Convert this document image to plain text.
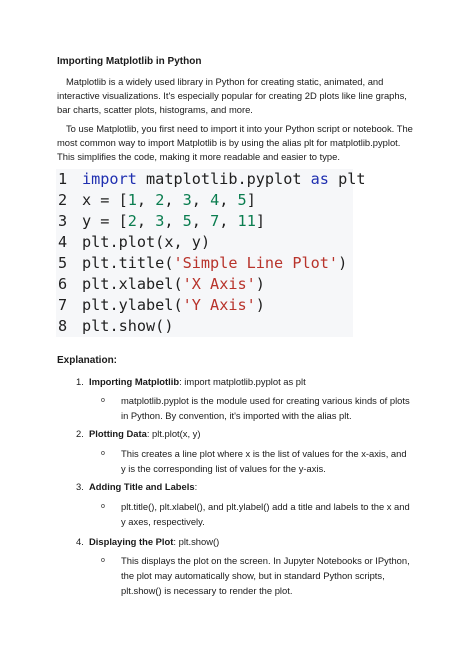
Importing Matplotlib in Python

Matplotlib is a widely used library in Python for creating static, animated, and interactive visualizations. It's especially popular for creating 2D plots like line graphs, bar charts, scatter plots, histograms, and more.

To use Matplotlib, you first need to import it into your Python script or notebook. The most common way to import Matplotlib is by using the alias plt for matplotlib.pyplot. This simplifies the code, making it more readable and easier to type.

1 import matplotlib.pyplot as plt
2 x = [1, 2, 3, 4, 5]
3 y = [2, 3, 5, 7, 11]
4 plt.plot(x, y)
5 plt.title('Simple Line Plot')
6 plt.xlabel('X Axis')
7 plt.ylabel('Y Axis')
8 plt.show()
Explanation:
1. Importing Matplotlib: import matplotlib.pyplot as plt
o matplotlib.pyplot is the module used for creating various kinds of plots in Python. By convention, it's imported with the alias plt.
2. Plotting Data: plt.plot(x, y)
o This creates a line plot where x is the list of values for the x-axis, and y is the corresponding list of values for the y-axis.
3. Adding Title and Labels:
o plt.title(), plt.xlabel(), and plt.ylabel() add a title and labels to the x and y axes, respectively.
4. Displaying the Plot: plt.show()
o This displays the plot on the screen. In Jupyter Notebooks or IPython, the plot may automatically show, but in standard Python scripts, plt.show() is necessary to render the plot.
